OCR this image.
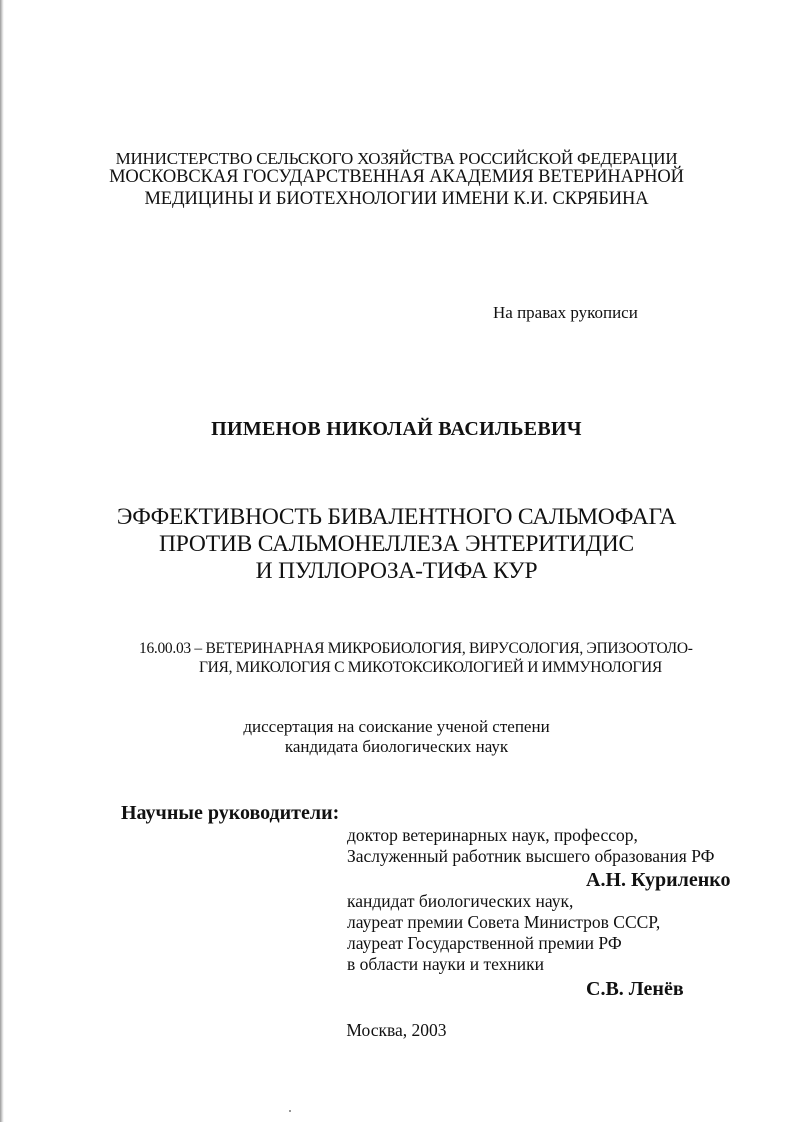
МИНИСТЕРСТВО СЕЛЬСКОГО ХОЗЯЙСТВА РОССИЙСКОЙ ФЕДЕРАЦИИ
МОСКОВСКАЯ ГОСУДАРСТВЕННАЯ АКАДЕМИЯ ВЕТЕРИНАРНОЙ
МЕДИЦИНЫ И БИОТЕХНОЛОГИИ ИМЕНИ К.И. СКРЯБИНА
На правах рукописи
ПИМЕНОВ НИКОЛАЙ ВАСИЛЬЕВИЧ
ЭФФЕКТИВНОСТЬ БИВАЛЕНТНОГО САЛЬМОФАГА
ПРОТИВ САЛЬМОНЕЛЛЕЗА ЭНТЕРИТИДИС
И ПУЛЛОРОЗА-ТИФА КУР
16.00.03 – ВЕТЕРИНАРНАЯ МИКРОБИОЛОГИЯ, ВИРУСОЛОГИЯ, ЭПИЗООТОЛО-
ГИЯ, МИКОЛОГИЯ С МИКОТОКСИКОЛОГИЕЙ И ИММУНОЛОГИЯ
диссертация на соискание ученой степени
кандидата биологических наук
Научные руководители:
доктор ветеринарных наук, профессор,
Заслуженный работник высшего образования РФ
А.Н. Куриленко
кандидат биологических наук,
лауреат премии Совета Министров СССР,
лауреат Государственной премии РФ
в области науки и техники
С.В. Ленёв
Москва, 2003
